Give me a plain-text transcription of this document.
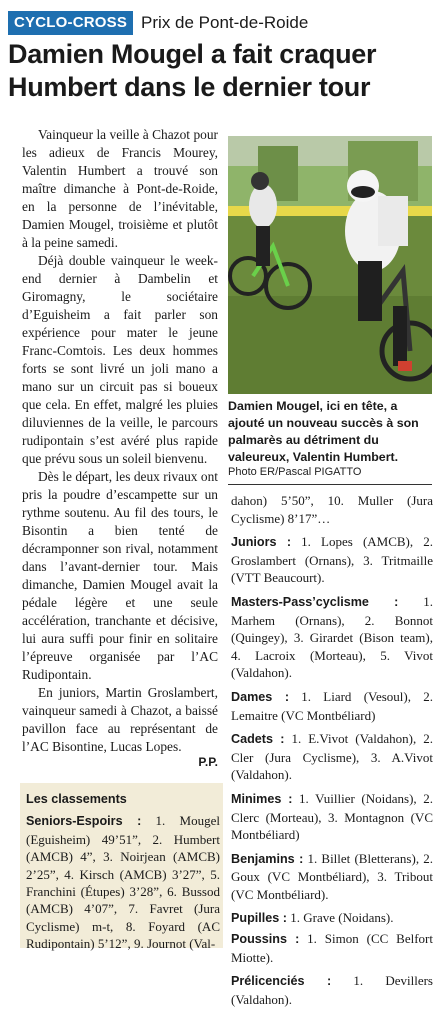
CYCLO-CROSS Prix de Pont-de-Roide
Damien Mougel a fait craquer
Humbert dans le dernier tour

Vainqueur la veille à Chazot pour les adieux de Francis Mourey, Valentin Humbert a trouvé son maître dimanche à Pont-de-Roide, en la personne de l’inévitable, Damien Mougel, troisième et plutôt à la peine samedi.

Déjà double vainqueur le week-end dernier à Dambelin et Giromagny, le sociétaire d’Eguisheim a fait parler son expérience pour mater le jeune Franc-Comtois. Les deux hommes forts se sont livré un joli mano a mano sur un circuit pas si boueux que cela. En effet, malgré les pluies diluviennes de la veille, le parcours rudipontain s’est avéré plus rapide que prévu sous un soleil bienvenu.

Dès le départ, les deux rivaux ont pris la poudre d’escampette sur un rythme soutenu. Au fil des tours, le Bisontin a bien tenté de décramponner son rival, notamment dans l’avant-dernier tour. Mais dimanche, Damien Mougel avait la pédale légère et une seule accélération, tranchante et décisive, lui aura suffi pour finir en solitaire l’épreuve organisée par l’AC Rudipontain.

En juniors, Martin Groslambert, vainqueur samedi à Chazot, a baissé pavillon face au représentant de l’AC Bisontine, Lucas Lopes.

P.P.
Damien Mougel, ici en tête, a ajouté un nouveau succès à son palmarès au détriment du valeureux, Valentin Humbert.
Photo ER/Pascal PIGATTO
Les classements

Seniors-Espoirs : 1. Mougel (Eguisheim) 49’51”, 2. Humbert (AMCB) 4”, 3. Noirjean (AMCB) 2’25”, 4. Kirsch (AMCB) 3’27”, 5. Franchini (Étupes) 3’28”, 6. Bussod (AMCB) 4’07”, 7. Favret (Jura Cyclisme) m-t, 8. Foyard (AC Rudipontain) 5’12”, 9. Journot (Val-

dahon) 5’50”, 10. Muller (Jura Cyclisme) 8’17”…

Juniors : 1. Lopes (AMCB), 2. Groslambert (Ornans), 3. Tritmaille (VTT Beaucourt).

Masters-Pass’cyclisme : 1. Marhem (Ornans), 2. Bonnot (Quingey), 3. Girardet (Bison team), 4. Lacroix (Morteau), 5. Vivot (Valdahon).

Dames : 1. Liard (Vesoul), 2. Lemaitre (VC Montbéliard)

Cadets : 1. E.Vivot (Valdahon), 2. Cler (Jura Cyclisme), 3. A.Vivot (Valdahon).

Minimes : 1. Vuillier (Noidans), 2. Clerc (Morteau), 3. Montagnon (VC Montbéliard)

Benjamins : 1. Billet (Bletterans), 2. Goux (VC Montbéliard), 3. Tribout (VC Montbéliard).

Pupilles : 1. Grave (Noidans).

Poussins : 1. Simon (CC Belfort Miotte).

Prélicenciés : 1. Devillers (Valdahon).
